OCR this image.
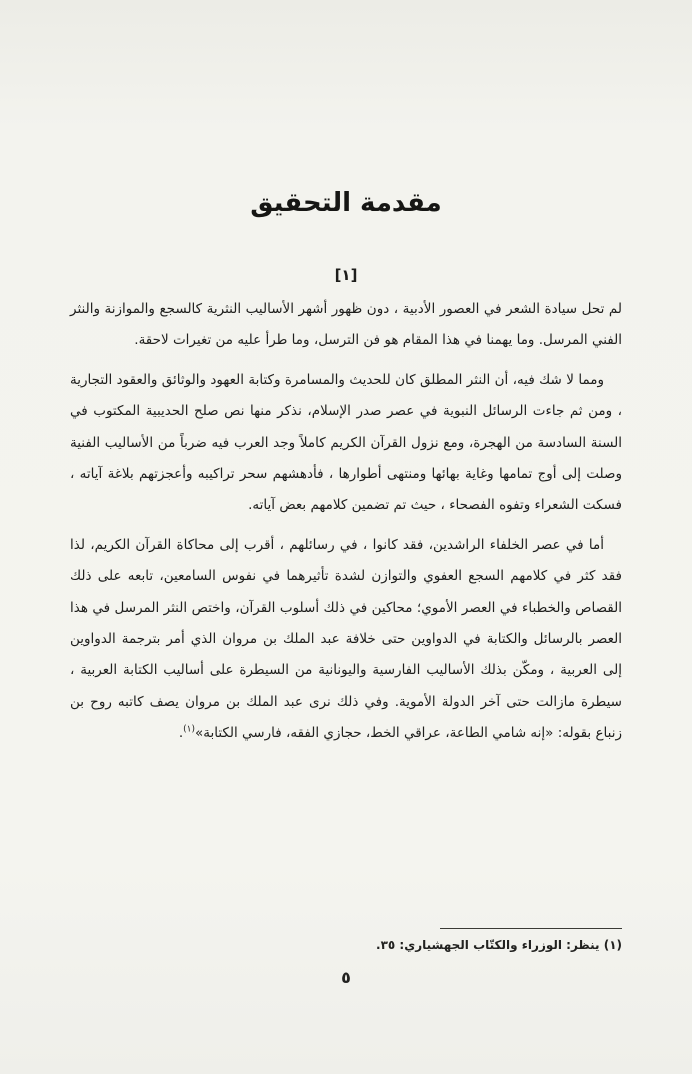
مقدمة التحقيق
[١]

لم تحل سيادة الشعر في العصور الأدبية ، دون ظهور أشهر الأساليب النثرية كالسجع والموازنة والنثر الفني المرسل. وما يهمنا في هذا المقام هو فن الترسل، وما طرأ عليه من تغيرات لاحقة.

ومما لا شك فيه، أن النثر المطلق كان للحديث والمسامرة وكتابة العهود والوثائق والعقود التجارية ، ومن ثم جاءت الرسائل النبوية في عصر صدر الإسلام، نذكر منها نص صلح الحديبية المكتوب في السنة السادسة من الهجرة، ومع نزول القرآن الكريم كاملاً وجد العرب فيه ضرباً من الأساليب الفنية وصلت إلى أوج تمامها وغاية بهائها ومنتهى أطوارها ، فأدهشهم سحر تراكيبه وأعجزتهم بلاغة آياته ، فسكت الشعراء وتفوه الفصحاء ، حيث تم تضمين كلامهم بعض آياته.

أما في عصر الخلفاء الراشدين، فقد كانوا ، في رسائلهم ، أقرب إلى محاكاة القرآن الكريم، لذا فقد كثر في كلامهم السجع العفوي والتوازن لشدة تأثيرهما في نفوس السامعين، تابعه على ذلك القصاص والخطباء في العصر الأموي؛ محاكين في ذلك أسلوب القرآن، واختص النثر المرسل في هذا العصر بالرسائل والكتابة في الدواوين حتى خلافة عبد الملك بن مروان الذي أمر بترجمة الدواوين إلى العربية ، ومكّن بذلك الأساليب الفارسية واليونانية من السيطرة على أساليب الكتابة العربية ، سيطرة مازالت حتى آخر الدولة الأموية. وفي ذلك نرى عبد الملك بن مروان يصف كاتبه روح بن زنباع بقوله: «إنه شامي الطاعة، عراقي الخط، حجازي الفقه، فارسي الكتابة»$^{(١)}$.

(١) ينظر: الوزراء والكتّاب الجهشياري: ٣٥.
٥
